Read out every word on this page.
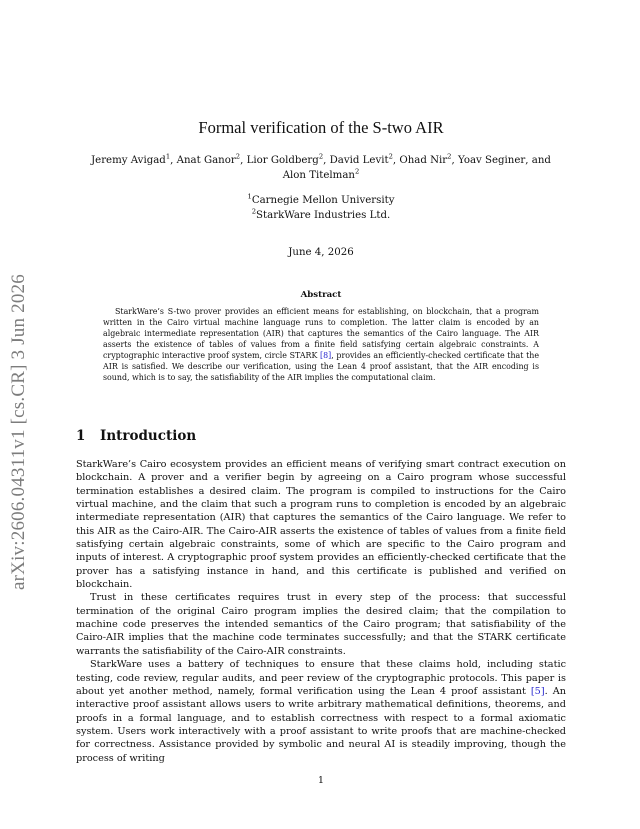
arXiv:2606.04311v1 [cs.CR] 3 Jun 2026
Formal verification of the S-two AIR
Jeremy Avigad$^1$, Anat Ganor$^2$, Lior Goldberg$^2$, David Levit$^2$, Ohad Nir$^2$, Yoav Seginer, and
Alon Titelman$^2$
$^1$Carnegie Mellon University
$^2$StarkWare Industries Ltd.
June 4, 2026
Abstract
StarkWare’s S-two prover provides an efficient means for establishing, on blockchain, that a program written in the Cairo virtual machine language runs to completion. The latter claim is encoded by an algebraic intermediate representation (AIR) that captures the semantics of the Cairo language. The AIR asserts the existence of tables of values from a finite field satisfying certain algebraic constraints. A cryptographic interactive proof system, circle STARK [8], provides an efficiently-checked certificate that the AIR is satisfied. We describe our verification, using the Lean 4 proof assistant, that the AIR encoding is sound, which is to say, the satisfiability of the AIR implies the computational claim.
1 Introduction

StarkWare’s Cairo ecosystem provides an efficient means of verifying smart contract execution on blockchain. A prover and a verifier begin by agreeing on a Cairo program whose successful termination establishes a desired claim. The program is compiled to instructions for the Cairo virtual machine, and the claim that such a program runs to completion is encoded by an algebraic intermediate representation (AIR) that captures the semantics of the Cairo language. We refer to this AIR as the Cairo-AIR. The Cairo-AIR asserts the existence of tables of values from a finite field satisfying certain algebraic constraints, some of which are specific to the Cairo program and inputs of interest. A cryptographic proof system provides an efficiently-checked certificate that the prover has a satisfying instance in hand, and this certificate is published and verified on blockchain.

Trust in these certificates requires trust in every step of the process: that successful termination of the original Cairo program implies the desired claim; that the compilation to machine code preserves the intended semantics of the Cairo program; that satisfiability of the Cairo-AIR implies that the machine code terminates successfully; and that the STARK certificate warrants the satisfiability of the Cairo-AIR constraints.

StarkWare uses a battery of techniques to ensure that these claims hold, including static testing, code review, regular audits, and peer review of the cryptographic protocols. This paper is about yet another method, namely, formal verification using the Lean 4 proof assistant [5]. An interactive proof assistant allows users to write arbitrary mathematical definitions, theorems, and proofs in a formal language, and to establish correctness with respect to a formal axiomatic system. Users work interactively with a proof assistant to write proofs that are machine-checked for correctness. Assistance provided by symbolic and neural AI is steadily improving, though the process of writing

1
